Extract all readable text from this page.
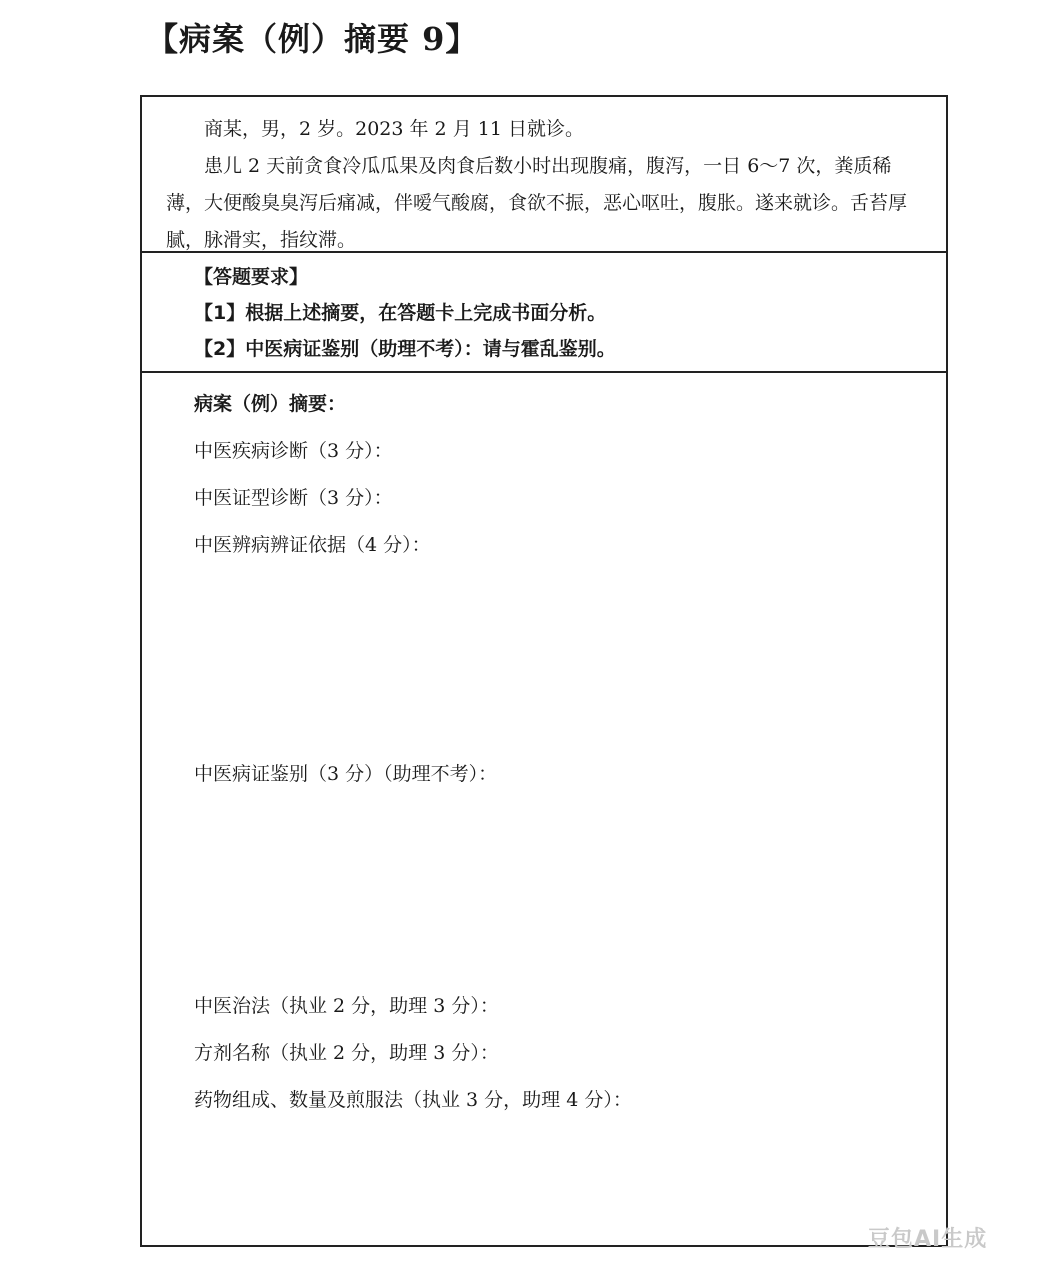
【病案（例）摘要 9】

商某，男，2 岁。2023 年 2 月 11 日就诊。

患儿 2 天前贪食冷瓜瓜果及肉食后数小时出现腹痛，腹泻，一日 6～7 次，粪质稀薄，大便酸臭臭泻后痛减，伴嗳气酸腐，食欲不振，恶心呕吐，腹胀。遂来就诊。舌苔厚腻，脉滑实，指纹滞。

【答题要求】
【1】根据上述摘要，在答题卡上完成书面分析。
【2】中医病证鉴别（助理不考）：请与霍乱鉴别。
病案（例）摘要：
中医疾病诊断（3 分）：
中医证型诊断（3 分）：
中医辨病辨证依据（4 分）：
中医病证鉴别（3 分）（助理不考）：
中医治法（执业 2 分，助理 3 分）：
方剂名称（执业 2 分，助理 3 分）：
药物组成、数量及煎服法（执业 3 分，助理 4 分）：
豆包AI生成
